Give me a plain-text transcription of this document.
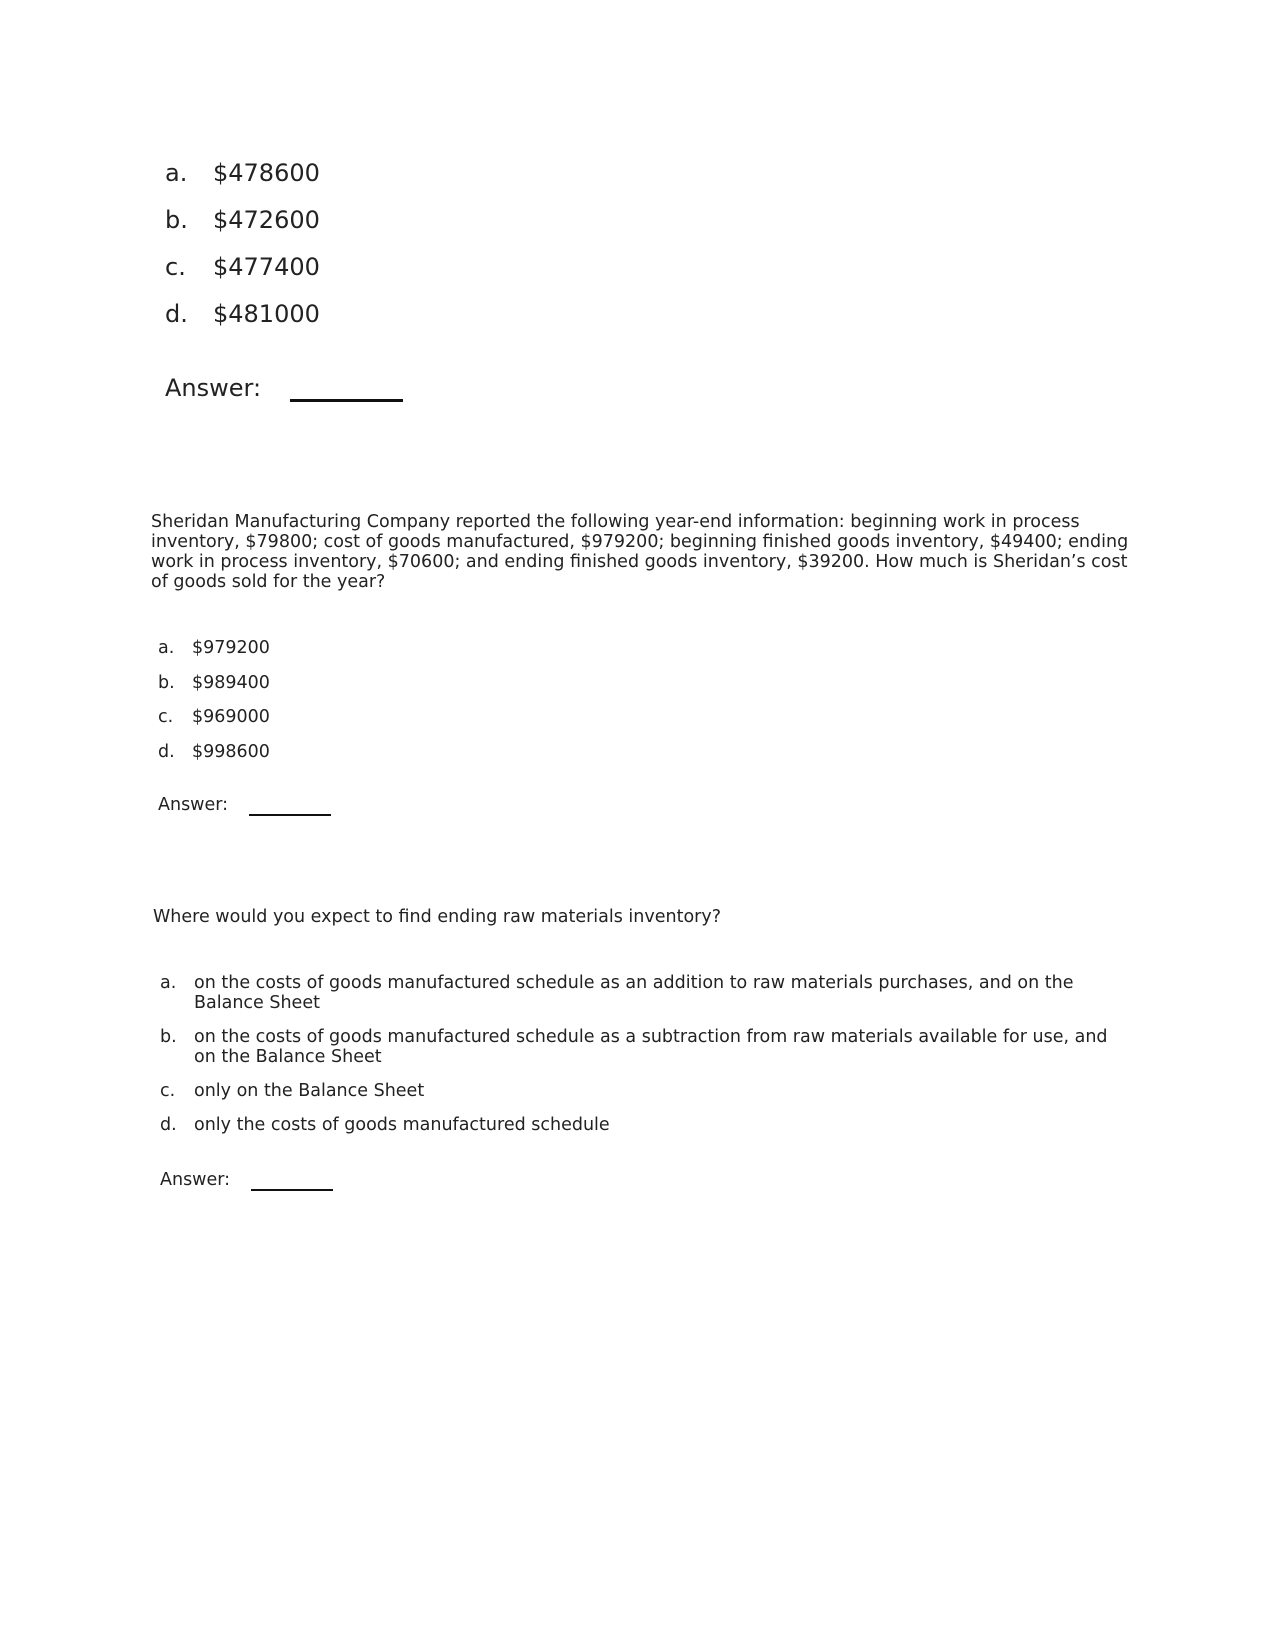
a.	$478600
b.	$472600
c.	$477400
d.	$481000
Answer:
Sheridan Manufacturing Company reported the following year-end information: beginning work in process inventory, $79800; cost of goods manufactured, $979200; beginning finished goods inventory, $49400; ending work in process inventory, $70600; and ending finished goods inventory, $39200. How much is Sheridan’s cost of goods sold for the year?
a.	$979200
b. $989400
c.	$969000
d. $998600
Answer:
Where would you expect to find ending raw materials inventory?
a.	on the costs of goods manufactured schedule as an addition to raw materials purchases, and on the Balance Sheet
b. on the costs of goods manufactured schedule as a subtraction from raw materials available for use, and on the Balance Sheet
c.	only on the Balance Sheet
d. only the costs of goods manufactured schedule
Answer:
